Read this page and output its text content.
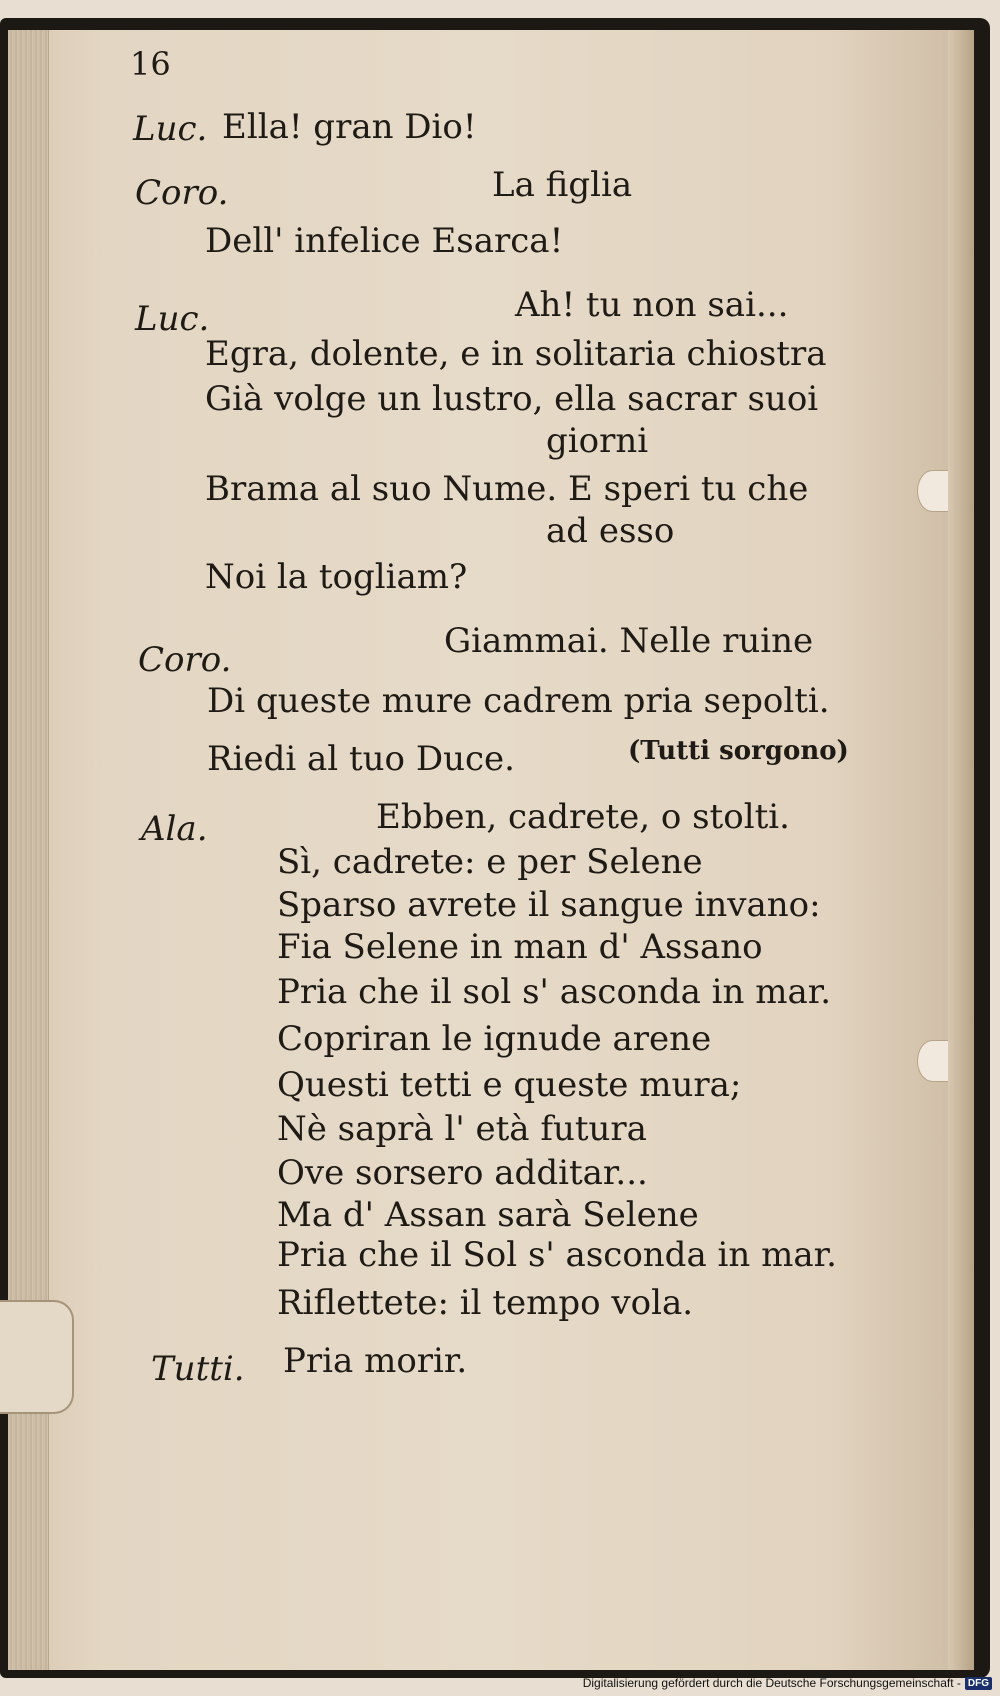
16
Luc. Ella! gran Dio!
Coro.	La figlia
Dell' infelice Esarca!
Luc.	Ah! tu non sai...
Egra, dolente, e in solitaria chiostra
Già volge un lustro, ella sacrar suoi
giorni
Brama al suo Nume. E speri tu che
ad esso
Noi la togliam?
Coro.	Giammai. Nelle ruine
Di queste mure cadrem pria sepolti.
Riedi al tuo Duce.	(Tutti sorgono)
Ala.	Ebben, cadrete, o stolti.
Sì, cadrete: e per Selene
Sparso avrete il sangue invano:
Fia Selene in man d' Assano
Pria che il sol s' asconda in mar.
Copriran le ignude arene
Questi tetti e queste mura;
Nè saprà l' età futura
Ove sorsero additar...
Ma d' Assan sarà Selene
Pria che il Sol s' asconda in mar.
Riflettete: il tempo vola.
Tutti. Pria morir.
Digitalisierung gefördert durch die Deutsche Forschungsgemeinschaft - DFG
